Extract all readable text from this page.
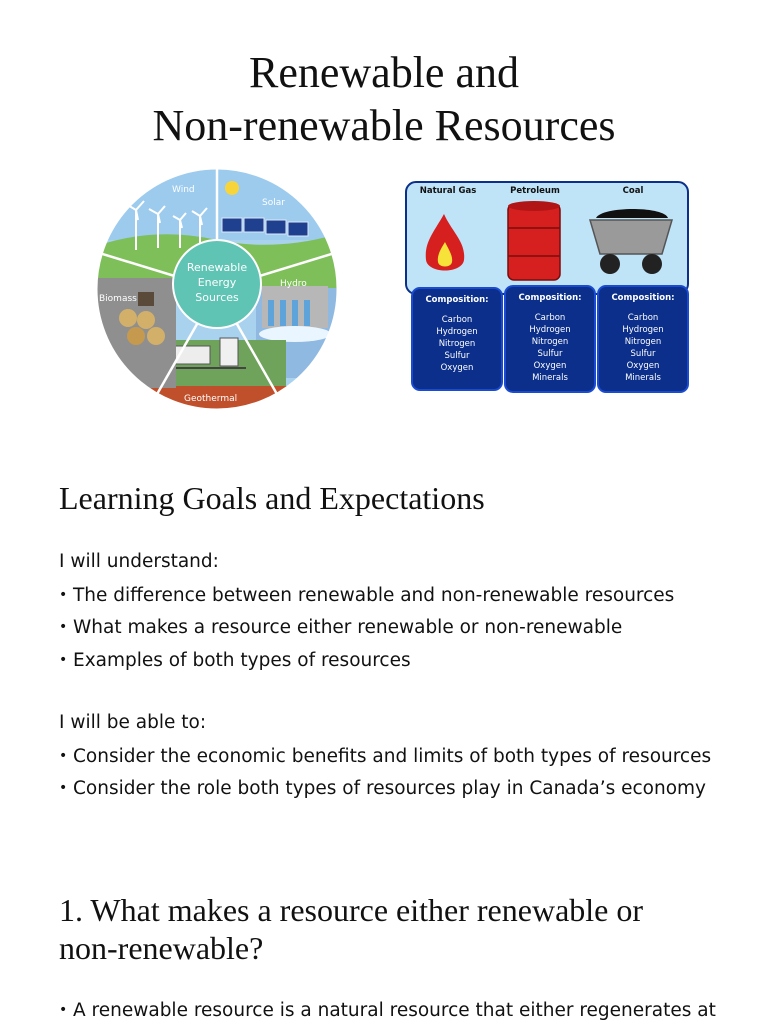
Renewable and
Non-renewable Resources
Renewable
Energy
Sources
Wind
Solar
Hydro
Geothermal
Biomass
Natural Gas	Petroleum	Coal
Composition:
Carbon
Hydrogen
Nitrogen
Sulfur
Oxygen
Composition:
Carbon
Hydrogen
Nitrogen
Sulfur
Oxygen
Minerals
Composition:
Carbon
Hydrogen
Nitrogen
Sulfur
Oxygen
Minerals
Learning Goals and Expectations

I will understand:

• The difference between renewable and non-renewable resources

• What makes a resource either renewable or non-renewable

• Examples of both types of resources

I will be able to:

• Consider the economic benefits and limits of both types of resources

• Consider the role both types of resources play in Canada’s economy

1. What makes a resource either renewable or
non-renewable?

• A renewable resource is a natural resource that either regenerates at
